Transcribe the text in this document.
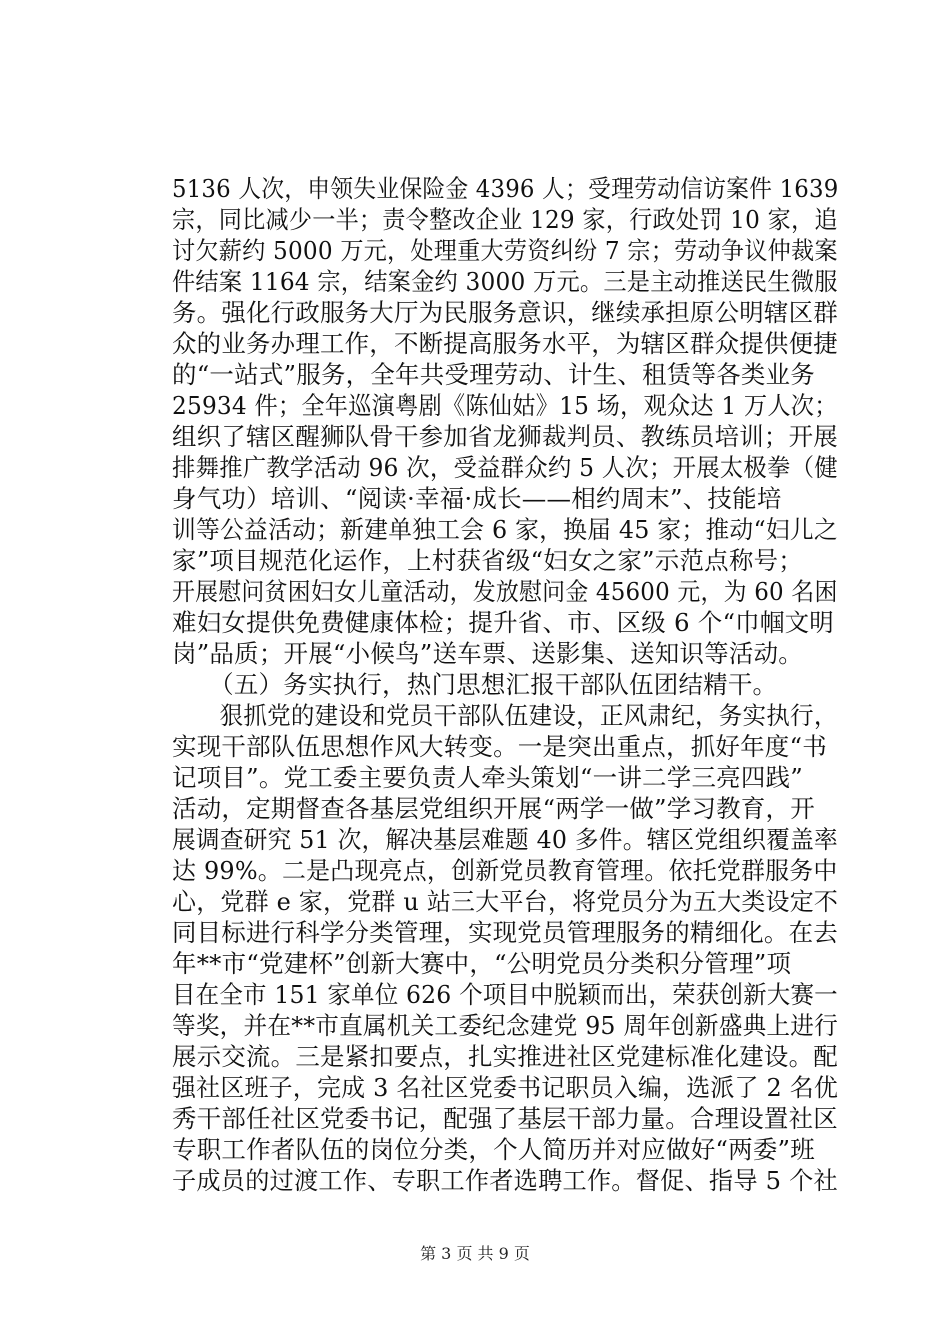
5136 人次，申领失业保险金 4396 人；受理劳动信访案件 1639
宗，同比减少一半；责令整改企业 129 家，行政处罚 10 家，追
讨欠薪约 5000 万元，处理重大劳资纠纷 7 宗；劳动争议仲裁案
件结案 1164 宗，结案金约 3000 万元。三是主动推送民生微服
务。强化行政服务大厅为民服务意识，继续承担原公明辖区群
众的业务办理工作，不断提高服务水平，为辖区群众提供便捷
的“一站式”服务，全年共受理劳动、计生、租赁等各类业务
25934 件；全年巡演粤剧《陈仙姑》15 场，观众达 1 万人次；
组织了辖区醒狮队骨干参加省龙狮裁判员、教练员培训；开展
排舞推广教学活动 96 次，受益群众约 5 人次；开展太极拳（健
身气功）培训、“阅读·幸福·成长——相约周末”、技能培
训等公益活动；新建单独工会 6 家，换届 45 家；推动“妇儿之
家”项目规范化运作，上村获省级“妇女之家”示范点称号；
开展慰问贫困妇女儿童活动，发放慰问金 45600 元，为 60 名困
难妇女提供免费健康体检；提升省、市、区级 6 个“巾帼文明
岗”品质；开展“小候鸟”送车票、送影集、送知识等活动。
　　（五）务实执行，热门思想汇报干部队伍团结精干。
　　狠抓党的建设和党员干部队伍建设，正风肃纪，务实执行，
实现干部队伍思想作风大转变。一是突出重点，抓好年度“书
记项目”。党工委主要负责人牵头策划“一讲二学三亮四践”
活动，定期督查各基层党组织开展“两学一做”学习教育，开
展调查研究 51 次，解决基层难题 40 多件。辖区党组织覆盖率
达 99%。二是凸现亮点，创新党员教育管理。依托党群服务中
心，党群 e 家，党群 u 站三大平台，将党员分为五大类设定不
同目标进行科学分类管理，实现党员管理服务的精细化。在去
年**市“党建杯”创新大赛中，“公明党员分类积分管理”项
目在全市 151 家单位 626 个项目中脱颖而出，荣获创新大赛一
等奖，并在**市直属机关工委纪念建党 95 周年创新盛典上进行
展示交流。三是紧扣要点，扎实推进社区党建标准化建设。配
强社区班子，完成 3 名社区党委书记职员入编，选派了 2 名优
秀干部任社区党委书记，配强了基层干部力量。合理设置社区
专职工作者队伍的岗位分类，个人简历并对应做好“两委”班
子成员的过渡工作、专职工作者选聘工作。督促、指导 5 个社
第 3 页 共 9 页
